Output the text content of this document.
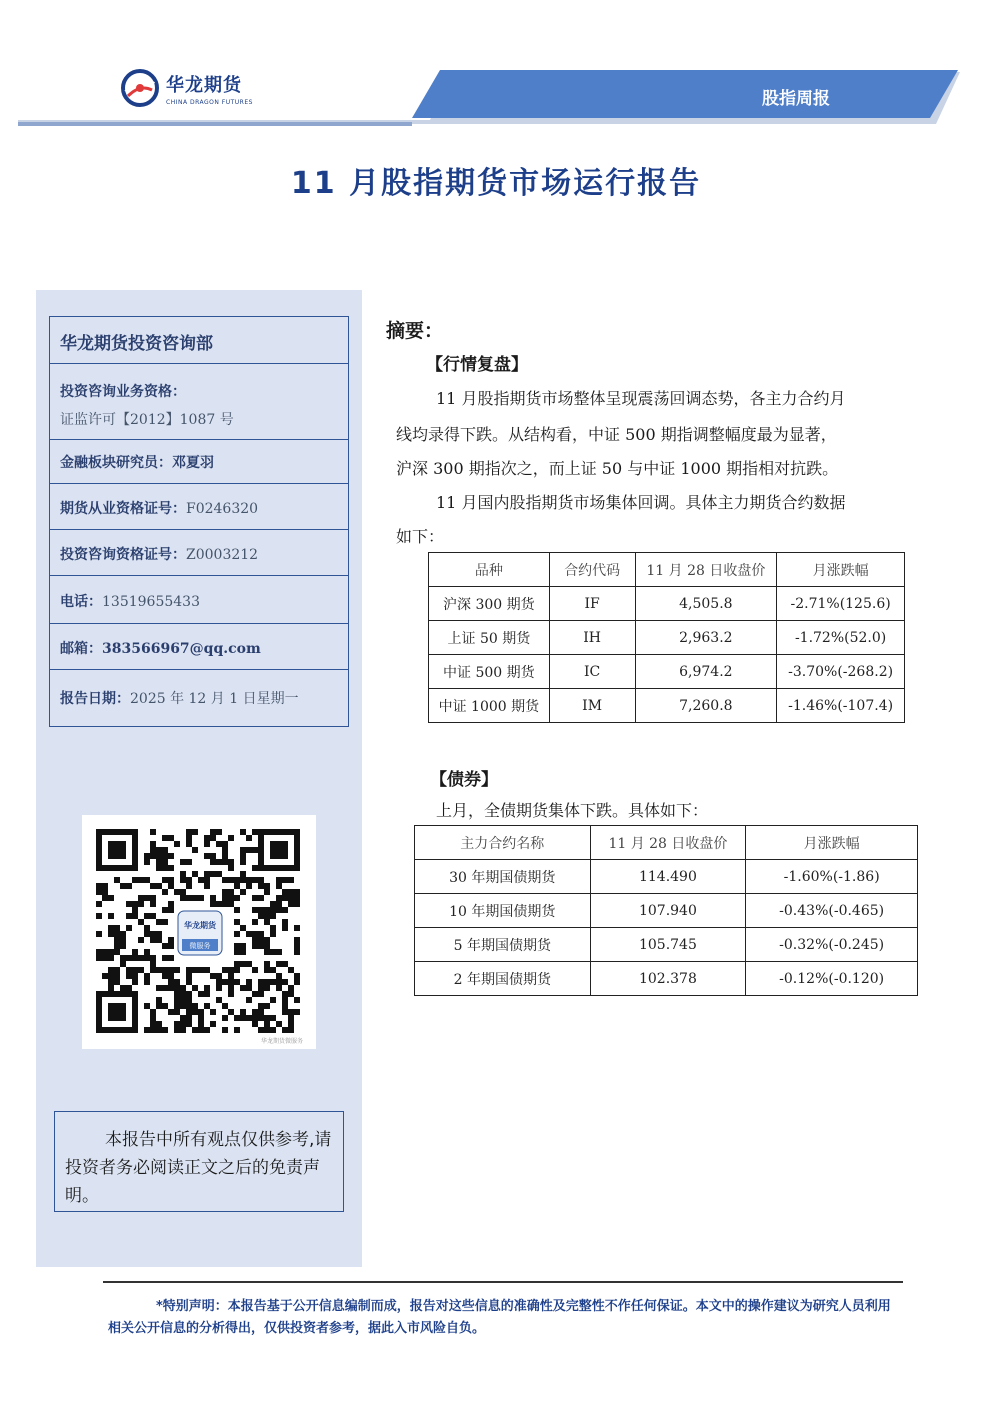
股指周报
华龙期货
CHINA DRAGON FUTURES
11 月股指期货市场运行报告
华龙期货投资咨询部
投资咨询业务资格：
证监许可【2012】1087 号
金融板块研究员：邓夏羽
期货从业资格证号：F0246320
投资咨询资格证号：Z0003212
电话：13519655433
邮箱：383566967@qq.com
报告日期：2025 年 12 月 1 日星期一
华龙期货
微服务
华龙期货微服务
本报告中所有观点仅供参考,请投资者务必阅读正文之后的免责声明。
摘要：
【行情复盘】
11 月股指期货市场整体呈现震荡回调态势，各主力合约月
线均录得下跌。从结构看，中证 500 期指调整幅度最为显著，
沪深 300 期指次之，而上证 50 与中证 1000 期指相对抗跌。
11 月国内股指期货市场集体回调。具体主力期货合约数据
如下：
品种	合约代码	11 月 28 日收盘价	月涨跌幅
沪深 300 期货	IF	4,505.8	-2.71%(125.6)
上证 50 期货	IH	2,963.2	-1.72%(52.0)
中证 500 期货	IC	6,974.2	-3.70%(-268.2)
中证 1000 期货	IM	7,260.8	-1.46%(-107.4)
【债券】
上月，全债期货集体下跌。具体如下：
主力合约名称	11 月 28 日收盘价	月涨跌幅
30 年期国债期货	114.490	-1.60%(-1.86)
10 年期国债期货	107.940	-0.43%(-0.465)
5 年期国债期货	105.745	-0.32%(-0.245)
2 年期国债期货	102.378	-0.12%(-0.120)
*特别声明：本报告基于公开信息编制而成，报告对这些信息的准确性及完整性不作任何保证。本文中的操作建议为研究人员利用相关公开信息的分析得出，仅供投资者参考，据此入市风险自负。
